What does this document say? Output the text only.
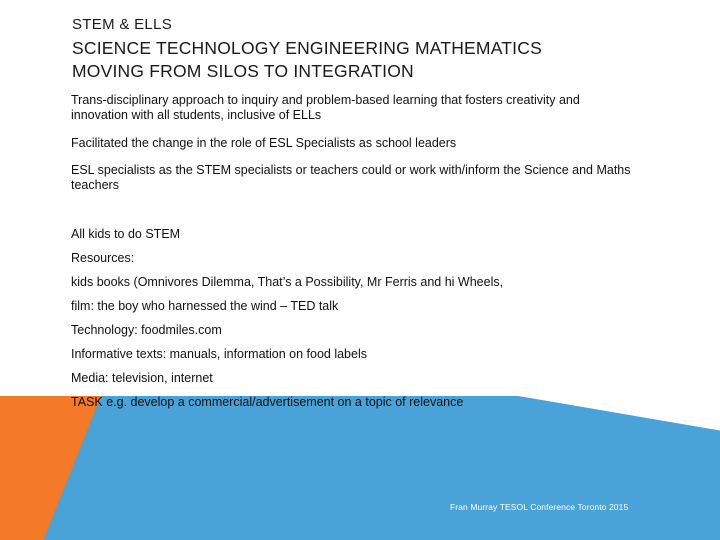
STEM & ELLS
SCIENCE TECHNOLOGY ENGINEERING MATHEMATICS
MOVING FROM SILOS TO INTEGRATION
Trans-disciplinary approach to inquiry and problem-based learning that fosters creativity and innovation with all students, inclusive of ELLs
Facilitated the change in the role of ESL Specialists as school leaders
ESL specialists as the STEM specialists or teachers could or work with/inform the Science and Maths teachers
All kids to do STEM
Resources:
kids books (Omnivores Dilemma, That’s a Possibility, Mr Ferris and hi Wheels,
film: the boy who harnessed the wind – TED talk
Technology: foodmiles.com
Informative texts: manuals, information on food labels
Media: television, internet
TASK e.g. develop a commercial/advertisement on a topic of relevance
Fran Murray TESOL Conference Toronto 2015
